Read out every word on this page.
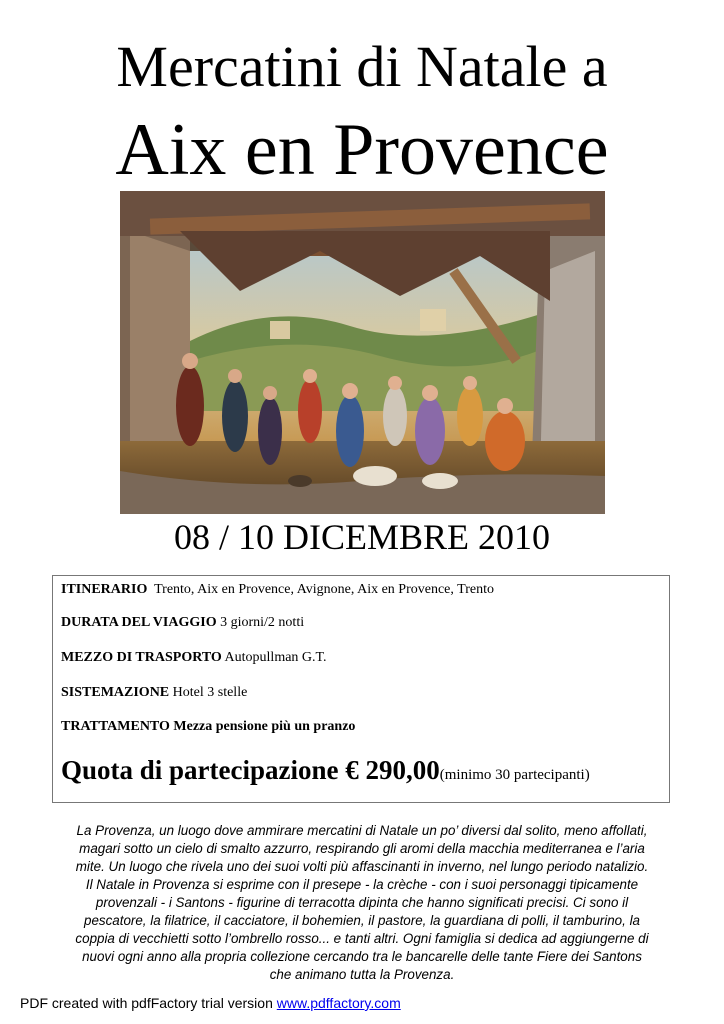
Mercatini di Natale a
Aix en Provence
08 / 10 DICEMBRE 2010
ITINERARIO Trento, Aix en Provence, Avignone, Aix en Provence, Trento
DURATA DEL VIAGGIO 3 giorni/2 notti
MEZZO DI TRASPORTO Autopullman G.T.
SISTEMAZIONE Hotel 3 stelle
TRATTAMENTO Mezza pensione più un pranzo
Quota di partecipazione € 290,00(minimo 30 partecipanti)
La Provenza, un luogo dove ammirare mercatini di Natale un po’ diversi dal solito, meno affollati,
magari sotto un cielo di smalto azzurro, respirando gli aromi della macchia mediterranea e l’aria
mite. Un luogo che rivela uno dei suoi volti più affascinanti in inverno, nel lungo periodo natalizio.
Il Natale in Provenza si esprime con il presepe - la crèche - con i suoi personaggi tipicamente
provenzali - i Santons - figurine di terracotta dipinta che hanno significati precisi. Ci sono il
pescatore, la filatrice, il cacciatore, il bohemien, il pastore, la guardiana di polli, il tamburino, la
coppia di vecchietti sotto l’ombrello rosso... e tanti altri. Ogni famiglia si dedica ad aggiungerne di
nuovi ogni anno alla propria collezione cercando tra le bancarelle delle tante Fiere dei Santons
che animano tutta la Provenza.
PDF created with pdfFactory trial version www.pdffactory.com
